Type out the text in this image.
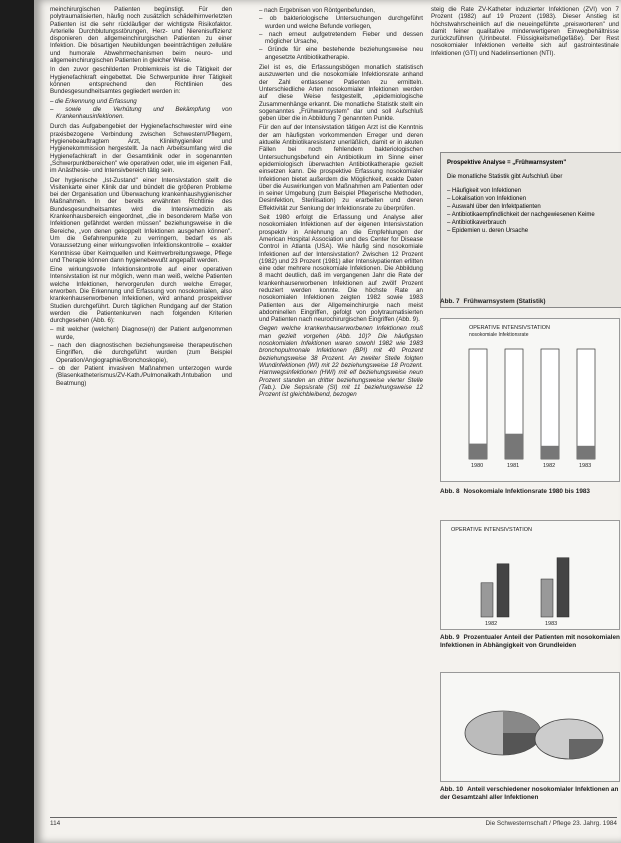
meinchirurgischen Patienten begünstigt. Für den polytraumatisierten, häufig noch zusätzlich schädelhirnverletzten Patienten ist die sehr rückläufiger der wichtigste Risikofaktor. Arterielle Durchblutungsstörungen, Herz- und Nierenisuffizienz disponieren den allgemeinchirurgischen Patienten zu einer Infektion. Die bösartigen Neubildungen beeinträchtigen zelluläre und humorale Abwehrmechanismen beim neuro- und allgemeinchirurgischen Patienten in gleicher Weise.

In den zuvor geschilderten Problemkreis ist die Tätigkeit der Hygienefachkraft eingebettet. Die Schwerpunkte ihrer Tätigkeit können entsprechend den Richtlinien des Bundesgesundheitsamtes gegliedert werden in:

– die Erkennung und Erfassung
– sowie die Verhütung und Bekämpfung von Krankenhausinfektionen.

Durch das Aufgabengebiet der Hygienefachschwester wird eine praxisbezogene Verbindung zwischen Schwestern/Pflegern, Hygienebeauftragtem Arzt, Klinikhygieniker und Hygienekommission hergestellt. Ja nach Arbeitsumfang wird die Hygienefachkraft in der Gesamtklinik oder in sogenannten „Schwerpunktbereichen" wie operativen oder, wie im eigenen Fall, im Anästhesie- und Intensivbereich tätig sein.

Der hygienische „Ist-Zustand" einer Intensivstation stellt die Visitenkarte einer Klinik dar und bündelt die gröβeren Probleme bei der Organisation und Überwachung krankenhaushygienischer Maßnahmen. In der bereits erwähnten Richtlinie des Bundesgesundheitsamtes wird die Intensivmedizin als Krankenhausbereich eingeordnet, „die in besonderem Maße von Infektionen gefährdet werden müssen" beziehungsweise in die Bereiche, „von denen gekoppelt Infektionen ausgehen können". Um die Gefahrenpunkte zu verringern, bedarf es als Voraussetzung einer wirkungsvollen Infektionskontrolle – exakter Kenntnisse über Keimquellen und Keimverbreitungswege, Pflege und Therapie können dann hygienebewußt angepaßt werden.

Eine wirkungsvolle Infektionskontrolle auf einer operativen Intensivstation ist nur möglich, wenn man weiß, welche Patienten welche Infektionen, hervorgerufen durch welche Erreger, erworben. Die Erkennung und Erfassung von nosokomialen, also krankenhauserworbenen Infektionen, wird anhand prospektiver Studien durchgeführt. Durch täglichen Rundgang auf der Station werden die Patientenkurven nach folgenden Kriterien durchgesehen (Abb. 6):

– mit welcher (welchen) Diagnose(n) der Patient aufgenommen wurde,
– nach den diagnostischen beziehungsweise therapeutischen Eingriffen, die durchgeführt wurden (zum Beispiel Operation/Angiographie/Bronchoskopie),
– ob der Patient invasiven Maßnahmen unterzogen wurde (Blasenkatheterismus/ZV-Kath./Pulmonalkath./Intubation und Beatmung)
– nach Ergebnisen von Röntgenbefunden,
– ob bakteriologische Untersuchungen durchgeführt wurden und welche Befunde vorliegen,
– nach erneut aufgetretendem Fieber und dessen möglicher Ursache,
– Gründe für eine bestehende beziehungsweise neu angesetzte Antibiotikatherapie.

Ziel ist es, die Erfassungsbögen monatlich statistisch auszuwerten und die nosokomiale Infektionsrate anhand der Zahl entlassener Patienten zu ermitteln. Unterschiedliche Arten nosokomialer Infektionen werden auf diese Weise festgestellt, „epidemiologische Zusammenhänge erkannt. Die monatliche Statistik stellt ein sogenanntes „Frühwarnsystem" dar und soll Aufschluß geben über die in Abbildung 7 genannten Punkte.

Für den auf der Intensivstation tätigen Arzt ist die Kenntnis der am häufigsten vorkommenden Erreger und deren aktuelle Antibiotikaresistenz unerläßlich, damit er in akuten Fällen bei noch fehlendem bakteriologischen Untersuchungsbefund ein Antibiotikum im Sinne einer epidemiologisch überwachten Antibiotikatherapie gezielt einsetzen kann. Die prospektive Erfassung nosokomialer Infektionen bietet außerdem die Möglichkeit, exakte Daten über die Auswirkungen von Maßnahmen am Patienten oder in seiner Umgebung (zum Beispiel Pflegerische Methoden, Desinfektion, Sterilisation) zu erarbeiten und deren Effektivität zur Senkung der Infektionsrate zu überprüfen.

Seit 1980 erfolgt die Erfassung und Analyse aller nosokomialen Infektionen auf der eigenen Intensivstation prospektiv in Anlehnung an die Empfehlungen der American Hospital Association und des Center for Disease Control in Atlanta (USA). Wie häufig sind nosokomiale Infektionen auf der Intensivstation? Zwischen 12 Prozent (1982) und 23 Prozent (1981) aller Intensivpatienten erlitten eine oder mehrere nosokomiale Infektionen. Die Abbildung 8 macht deutlich, daß im vergangenen Jahr die Rate der krankenhauserworbenen Infektionen auf zwölf Prozent reduziert werden konnte. Die höchste Rate an nosokomialen Infektionen zeigten 1982 sowie 1983 Patienten aus der Allgemeinchirurgie nach meist abdominellen Eingriffen, gefolgt von polytraumatisierten und Patienten nach neurochirurgischen Eingriffen (Abb. 9).

Gegen welche krankenhauserworbenen Infektionen muß man gezielt vorgehen (Abb. 10)? Die häufigsten nosokomialen Infektionen waren sowohl 1982 wie 1983 bronchopulmonale Infektionen (BPI) mit 40 Prozent beziehungsweise 38 Prozent. An zweiter Stelle folgten Wundinfektionen (WI) mit 22 beziehungsweise 18 Prozent. Harnwegsinfektionen (HWI) mit elf beziehungsweise neun Prozent standen an dritter beziehungsweise vierter Stelle (Tab.). Die Sepsisrate (SI) mit 11 beziehungsweise 12 Prozent ist gleichbleibend, bezogen

steig die Rate ZV-Katheter induzierter Infektionen (ZVI) von 7 Prozent (1982) auf 19 Prozent (1983). Dieser Anstieg ist höchstwahrscheinlich auf die neueingeführte „preisworteren" und damit feiner qualitative minderwertigeren Einwegbehältnisse zurückzuführen (Urinbeutel. Flüssigkeitsmeßgefäße). Der Rest nosokomialer Infektionen verteilte sich auf gastrointestinale Infektionen (GTI) und Nadelinsertionen (NTI).

Prospektive Analyse = „Frühwarnsystem"
Die monatliche Statistik gibt Aufschluß über
– Häufigkeit von Infektionen
– Lokalisation von Infektionen
– Auswahl über den Infektpatienten
– Antibiotikaempfindlichkeit der nachgewiesenen Keime
– Antibiotikaverbrauch
– Epidemien u. deren Ursache
Abb. 7 Frühwarnsystem (Statistik)
OPERATIVE INTENSIVSTATION
nosokomiale Infektionsrate
1980	1981	1982	1983
Abb. 8 Nosokomiale Infektionsrate 1980 bis 1983
OPERATIVE INTENSIVSTATION
1982	1983
Abb. 9 Prozentualer Anteil der Patienten mit nosokomialen Infektionen in Abhängigkeit von Grundleiden
Abb. 10 Anteil verschiedener nosokomialer Infektionen an der Gesamtzahl aller Infektionen
114	Die Schwesternschaft / Pflege 23. Jahrg. 1984
